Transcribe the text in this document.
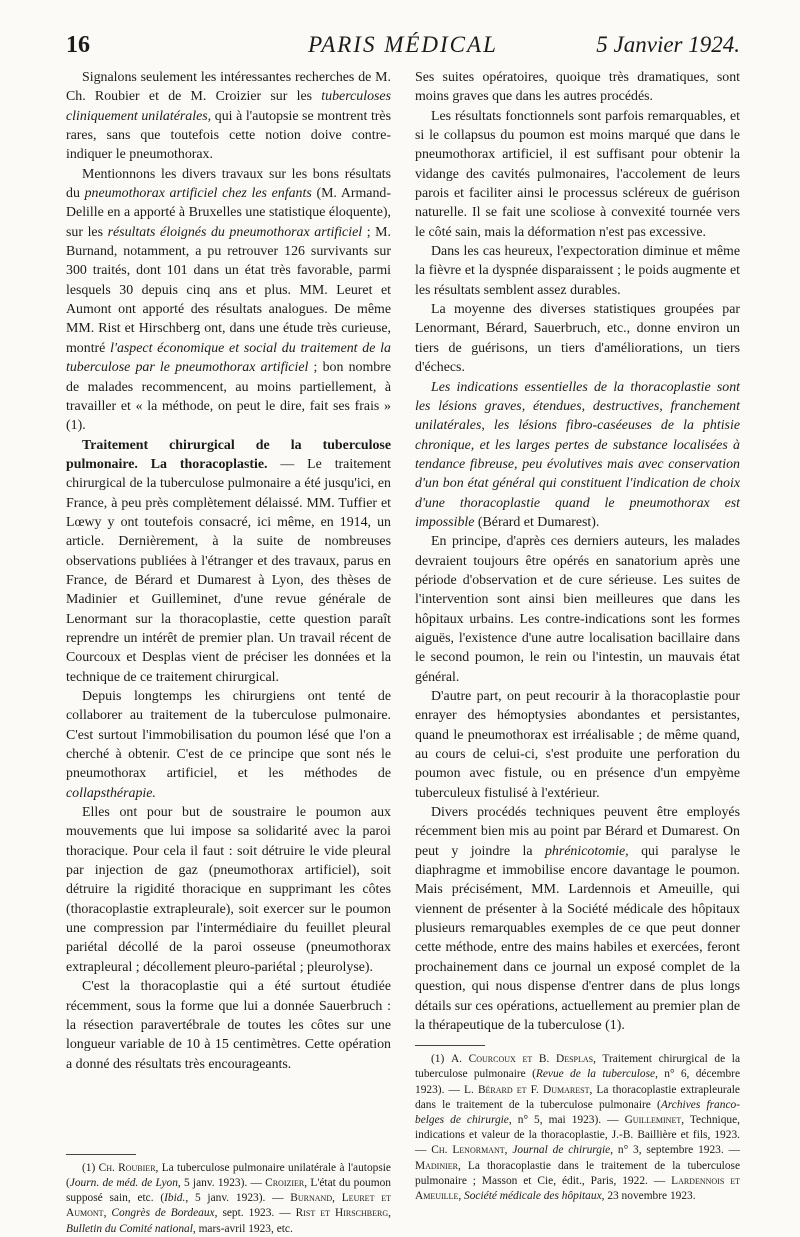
16	PARIS MÉDICAL	5 Janvier 1924.

Signalons seulement les intéressantes recherches de M. Ch. Roubier et de M. Croizier sur les tuberculoses cliniquement unilatérales, qui à l'autopsie se montrent très rares, sans que toutefois cette notion doive contre-indiquer le pneumothorax.

Mentionnons les divers travaux sur les bons résultats du pneumothorax artificiel chez les enfants (M. Armand-Delille en a apporté à Bruxelles une statistique éloquente), sur les résultats éloignés du pneumothorax artificiel ; M. Burnand, notamment, a pu retrouver 126 survivants sur 300 traités, dont 101 dans un état très favorable, parmi lesquels 30 depuis cinq ans et plus. MM. Leuret et Aumont ont apporté des résultats analogues. De même MM. Rist et Hirschberg ont, dans une étude très curieuse, montré l'aspect économique et social du traitement de la tuberculose par le pneumothorax artificiel ; bon nombre de malades recommencent, au moins partiellement, à travailler et « la méthode, on peut le dire, fait ses frais » (1).

Traitement chirurgical de la tuberculose pulmonaire. La thoracoplastie. — Le traitement chirurgical de la tuberculose pulmonaire a été jusqu'ici, en France, à peu près complètement délaissé. MM. Tuffier et Lœwy y ont toutefois consacré, ici même, en 1914, un article. Dernièrement, à la suite de nombreuses observations publiées à l'étranger et des travaux, parus en France, de Bérard et Dumarest à Lyon, des thèses de Madinier et Guilleminet, d'une revue générale de Lenormant sur la thoracoplastie, cette question paraît reprendre un intérêt de premier plan. Un travail récent de Courcoux et Desplas vient de préciser les données et la technique de ce traitement chirurgical.

Depuis longtemps les chirurgiens ont tenté de collaborer au traitement de la tuberculose pulmonaire. C'est surtout l'immobilisation du poumon lésé que l'on a cherché à obtenir. C'est de ce principe que sont nés le pneumothorax artificiel, et les méthodes de collapsthérapie.

Elles ont pour but de soustraire le poumon aux mouvements que lui impose sa solidarité avec la paroi thoracique. Pour cela il faut : soit détruire le vide pleural par injection de gaz (pneumothorax artificiel), soit détruire la rigidité thoracique en supprimant les côtes (thoracoplastie extrapleurale), soit exercer sur le poumon une compression par l'intermédiaire du feuillet pleural pariétal décollé de la paroi osseuse (pneumothorax extrapleural ; décollement pleuro-pariétal ; pleurolyse).

C'est la thoracoplastie qui a été surtout étudiée récemment, sous la forme que lui a donnée Sauerbruch : la résection paravertébrale de toutes les côtes sur une longueur variable de 10 à 15 centimètres. Cette opération a donné des résultats très encourageants.

(1) Ch. Roubier, La tuberculose pulmonaire unilatérale à l'autopsie (Journ. de méd. de Lyon, 5 janv. 1923). — Croizier, L'état du poumon supposé sain, etc. (Ibid., 5 janv. 1923). — Burnand, Leuret et Aumont, Congrès de Bordeaux, sept. 1923. — Rist et Hirschberg, Bulletin du Comité national, mars-avril 1923, etc.

Ses suites opératoires, quoique très dramatiques, sont moins graves que dans les autres procédés.

Les résultats fonctionnels sont parfois remarquables, et si le collapsus du poumon est moins marqué que dans le pneumothorax artificiel, il est suffisant pour obtenir la vidange des cavités pulmonaires, l'accolement de leurs parois et faciliter ainsi le processus scléreux de guérison naturelle. Il se fait une scoliose à convexité tournée vers le côté sain, mais la déformation n'est pas excessive.

Dans les cas heureux, l'expectoration diminue et même la fièvre et la dyspnée disparaissent ; le poids augmente et les résultats semblent assez durables.

La moyenne des diverses statistiques groupées par Lenormant, Bérard, Sauerbruch, etc., donne environ un tiers de guérisons, un tiers d'améliorations, un tiers d'échecs.

Les indications essentielles de la thoracoplastie sont les lésions graves, étendues, destructives, franchement unilatérales, les lésions fibro-caséeuses de la phtisie chronique, et les larges pertes de substance localisées à tendance fibreuse, peu évolutives mais avec conservation d'un bon état général qui constituent l'indication de choix d'une thoracoplastie quand le pneumothorax est impossible (Bérard et Dumarest).

En principe, d'après ces derniers auteurs, les malades devraient toujours être opérés en sanatorium après une période d'observation et de cure sérieuse. Les suites de l'intervention sont ainsi bien meilleures que dans les hôpitaux urbains. Les contre-indications sont les formes aiguës, l'existence d'une autre localisation bacillaire dans le second poumon, le rein ou l'intestin, un mauvais état général.

D'autre part, on peut recourir à la thoracoplastie pour enrayer des hémoptysies abondantes et persistantes, quand le pneumothorax est irréalisable ; de même quand, au cours de celui-ci, s'est produite une perforation du poumon avec fistule, ou en présence d'un empyème tuberculeux fistulisé à l'extérieur.

Divers procédés techniques peuvent être employés récemment bien mis au point par Bérard et Dumarest. On peut y joindre la phrénicotomie, qui paralyse le diaphragme et immobilise encore davantage le poumon. Mais précisément, MM. Lardennois et Ameuille, qui viennent de présenter à la Société médicale des hôpitaux plusieurs remarquables exemples de ce que peut donner cette méthode, entre des mains habiles et exercées, feront prochainement dans ce journal un exposé complet de la question, qui nous dispense d'entrer dans de plus longs détails sur ces opérations, actuellement au premier plan de la thérapeutique de la tuberculose (1).

(1) A. Courcoux et B. Desplas, Traitement chirurgical de la tuberculose pulmonaire (Revue de la tuberculose, n° 6, décembre 1923). — L. Bérard et F. Dumarest, La thoracoplastie extrapleurale dans le traitement de la tuberculose pulmonaire (Archives franco-belges de chirurgie, n° 5, mai 1923). — Guilleminet, Technique, indications et valeur de la thoracoplastie, J.-B. Baillière et fils, 1923. — Ch. Lenormant, Journal de chirurgie, n° 3, septembre 1923. — Madinier, La thoracoplastie dans le traitement de la tuberculose pulmonaire ; Masson et Cie, édit., Paris, 1922. — Lardennois et Ameuille, Société médicale des hôpitaux, 23 novembre 1923.
